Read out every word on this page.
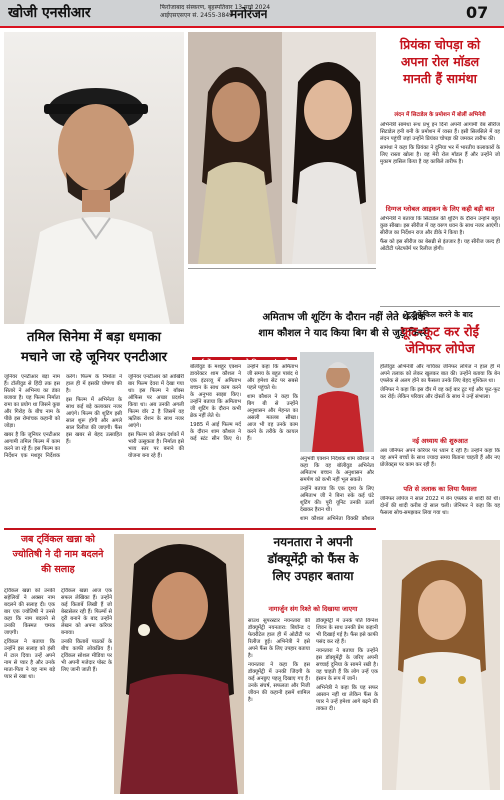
खोजी एनसीआर	फिरोजाबाद संस्करण, बृहस्पतिवार 13 मार्च 2024
आईएसएसएन सं. 2455-3849
मनोरंजन	07
तमिल सिनेमा में बड़ा धमाका
मचाने जा रहे जूनियर एनटीआर

जूनियर एनटीआर बड़ा नाम हैं। टॉलीवुड से हिंदी तक इस सितारे ने अभिनय का डंका बजाया है। यह फिल्म निर्माता रामा का प्रयोग था जिसने कुछ और गिरोह के बीच नाम के पीछे इस रोमांचक कहानी को जोड़ा।

खबर है कि जूनियर एनटीआर आगामी तमिल फिल्म में काम करने जा रहे हैं। इस फिल्म का निर्देशन एक मशहूर निर्देशक करेंगे। फिल्म के निर्माता ने हाल ही में इसकी घोषणा की है।

इस फिल्म में अभिनेता के साथ कई बड़े कलाकार नजर आएंगे। फिल्म की शूटिंग इसी साल शुरू होगी और अगले साल रिलीज की जाएगी। फैंस इस खबर से बेहद उत्साहित हैं।

जूनियर एनटीआर को आखिरी बार फिल्म देवरा में देखा गया था। इस फिल्म ने बॉक्स ऑफिस पर अच्छा प्रदर्शन किया था। अब उनकी अगली फिल्म वॉर 2 है जिसमें वह ऋतिक रोशन के साथ नजर आएंगे।

इस फिल्म को लेकर दर्शकों में भारी उत्सुकता है। निर्माता इसे भव्य स्तर पर बनाने की योजना बना रहे हैं।

प्रियंका चोपड़ा को
अपना रोल मॉडल
मानती हैं सामंथा
लंदन में सिटाडेल के प्रमोशन में बोलीं अभिनेत्री

अभिनेत्री सामंथा रूथ प्रभु इन दिनों अपनी आगामी वेब सीरीज सिटाडेल हनी बनी के प्रमोशन में व्यस्त हैं। इसी सिलसिले में वह लंदन पहुंचीं जहां उन्होंने प्रियंका चोपड़ा की जमकर तारीफ की।

सामंथा ने कहा कि प्रियंका ने दुनिया भर में भारतीय कलाकारों के लिए रास्ता खोला है। वह मेरी रोल मॉडल हैं और उन्होंने जो मुकाम हासिल किया है वह काबिले तारीफ है।

दिग्गज ग्लोबल आइकन के लिए कही बड़ी बात

अभिनेत्री ने बताया कि सिटाडेल की शूटिंग के दौरान उन्होंने बहुत कुछ सीखा। इस सीरीज में वह वरुण धवन के साथ नजर आएंगी। सीरीज का निर्देशन राज और डीके ने किया है।

फैंस को इस सीरीज का बेसब्री से इंतजार है। यह सीरीज जल्द ही ओटीटी प्लेटफॉर्म पर रिलीज होगी।

अमिताभ जी शूटिंग के दौरान नहीं लेते थे ब्रेक
शाम कौशल ने याद किया बिग बी से जुड़े किस्से

बॉलीवुड के मशहूर एक्शन डायरेक्टर शाम कौशल ने एक इंटरव्यू में अमिताभ बच्चन के साथ काम करने के अनुभव साझा किए। उन्होंने बताया कि अमिताभ जी शूटिंग के दौरान कभी ब्रेक नहीं लेते थे।

1985 में आई फिल्म मर्द के दौरान शाम कौशल ने कई स्टंट सीन किए थे। उन्होंने कहा कि अमिताभ जी समय के बहुत पाबंद थे और हमेशा सेट पर सबसे पहले पहुंचते थे।

शाम कौशल ने कहा कि बिग बी से उन्होंने अनुशासन और मेहनत का असली मतलब सीखा। आज भी वह उनके काम करने के तरीके के कायल हैं।

अनुभवी एक्शन निर्देशक शाम कौशल ने कहा कि वह बॉलीवुड अभिनेता अमिताभ बच्चन के अनुशासन और समर्पण को कभी नहीं भूल सकते।

उन्होंने बताया कि एक दृश्य के लिए अमिताभ जी ने बिना रुके कई घंटे शूटिंग की। पूरी यूनिट उनकी ऊर्जा देखकर हैरान थी।

शाम कौशल अभिनेता विक्की कौशल

टूट फेंकिल करने के बाद
फूट-फूट कर रोईं
जेनिफर लोपेज

हॉलीवुड अभिनेत्री और गायिका जेनिफर लोपेज ने हाल ही में अपने तलाक को लेकर खुलकर बात की। उन्होंने बताया कि बेन एफ्लेक से अलग होने का फैसला उनके लिए बेहद मुश्किल था।

जेनिफर ने कहा कि इस दौर में वह कई बार टूट गईं और फूट-फूट कर रोईं। लेकिन परिवार और दोस्तों के साथ ने उन्हें संभाला।

नई अध्याय की शुरुआत

अब जेनिफर अपने करियर पर ध्यान दे रही हैं। उन्होंने कहा कि वह अपने बच्चों के साथ ज्यादा समय बिताना चाहती हैं और नए प्रोजेक्ट्स पर काम कर रही हैं।

पति से तलाक का लिया फैसला

जेनिफर लोपेज ने साल 2022 में बेन एफ्लेक से शादी की थी। दोनों की शादी करीब दो साल चली। जेनिफर ने कहा कि यह फैसला सोच-समझकर लिया गया था।

जब ट्विंकल खन्ना को
ज्योतिषी ने दी नाम बदलने
की सलाह

ट्विंकल खन्ना को उनकी सहेलियों ने अक्सर नाम बदलने की सलाह दी। एक बार एक ज्योतिषी ने उनसे कहा कि नाम बदलने से उनकी किस्मत चमक जाएगी।

ट्विंकल ने बताया कि उन्होंने इस सलाह को हंसी में टाल दिया। उन्हें अपने नाम से प्यार है और उनके माता-पिता ने यह नाम बड़े प्यार से रखा था।

ट्विंकल खन्ना आज एक सफल लेखिका हैं। उन्होंने कई किताबें लिखी हैं जो बेस्टसेलर रही हैं। फिल्मों से दूरी बनाने के बाद उन्होंने लेखन को अपना करियर बनाया।

उनकी किताबें पाठकों के बीच काफी लोकप्रिय हैं। ट्विंकल सोशल मीडिया पर भी अपनी मजेदार पोस्ट के लिए जानी जाती हैं।

नयनतारा ने अपनी
डॉक्यूमेंट्री को फैंस के
लिए उपहार बताया
नागार्जुन संग रिश्ते को दिखाया जाएगा

साउथ सुपरस्टार नयनतारा की डॉक्यूमेंट्री नयनतारा: बियॉन्ड द फेयरीटेल हाल ही में ओटीटी पर रिलीज हुई। अभिनेत्री ने इसे अपने फैंस के लिए उपहार बताया है।

नयनतारा ने कहा कि इस डॉक्यूमेंट्री में उनकी जिंदगी के कई अनछुए पहलू दिखाए गए हैं। उनके संघर्ष, सफलता और निजी जीवन की कहानी इसमें शामिल है।

डॉक्यूमेंट्री में उनके पति विग्नेश शिवन के साथ उनकी प्रेम कहानी भी दिखाई गई है। फैंस इसे काफी पसंद कर रहे हैं।

नयनतारा ने बताया कि उन्होंने इस डॉक्यूमेंट्री के जरिए अपनी सच्चाई दुनिया के सामने रखी है। वह चाहती हैं कि लोग उन्हें एक इंसान के रूप में जानें।

अभिनेत्री ने कहा कि यह सफर आसान नहीं था लेकिन फैंस के प्यार ने उन्हें हमेशा आगे बढ़ने की ताकत दी।
